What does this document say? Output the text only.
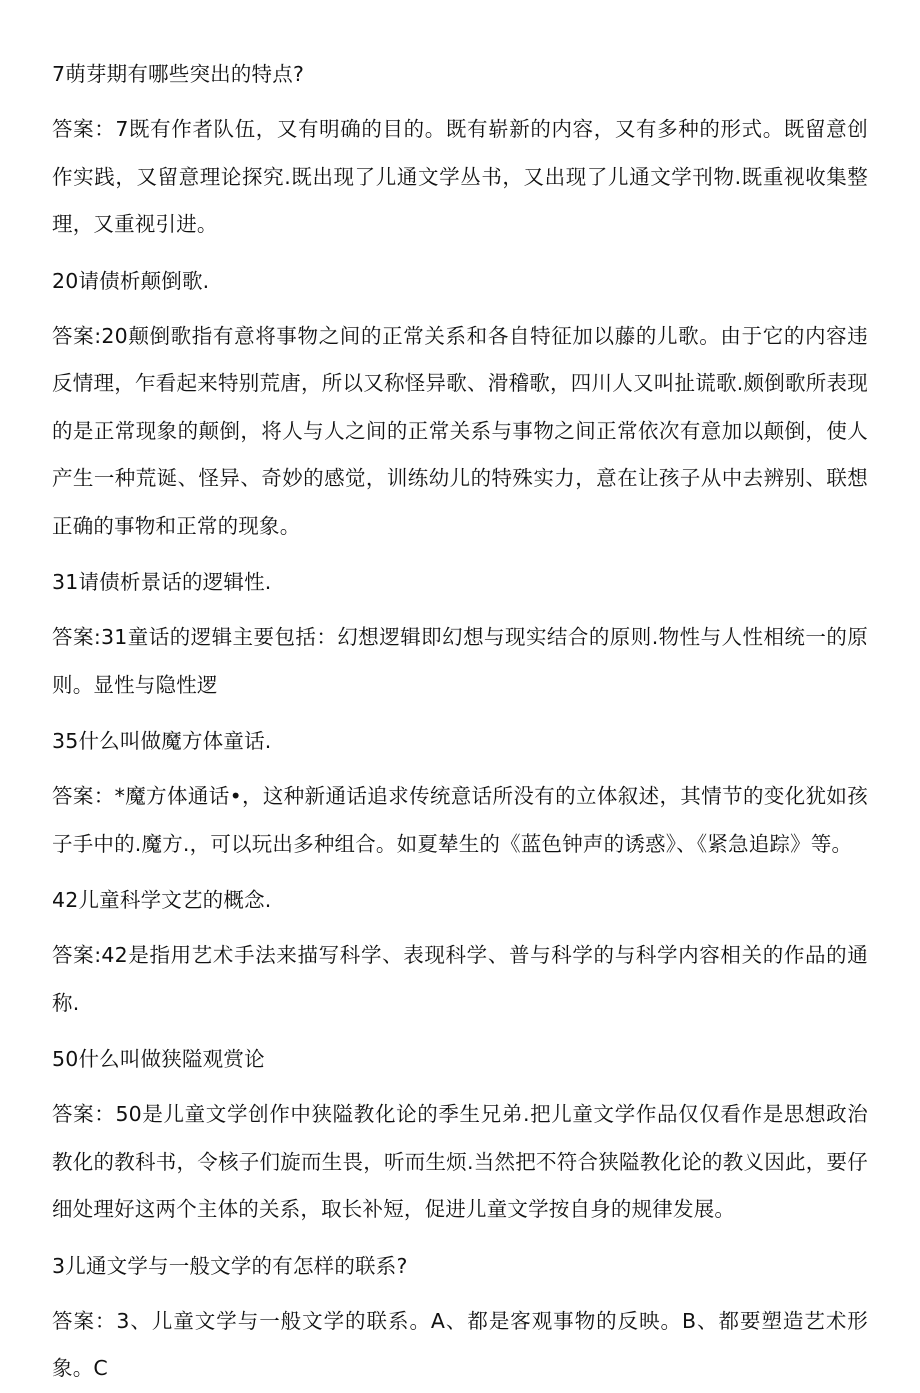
7萌芽期有哪些突出的特点?

答案：7既有作者队伍，又有明确的目的。既有崭新的内容，又有多种的形式。既留意创作实践，又留意理论探究.既出现了儿通文学丛书，又出现了儿通文学刊物.既重视收集整理，又重视引进。

20请债析颠倒歌.

答案:20颠倒歌指有意将事物之间的正常关系和各自特征加以藤的儿歌。由于它的内容违反情理，乍看起来特别荒唐，所以又称怪异歌、滑稽歌，四川人又叫扯谎歌.颇倒歌所表现的是正常现象的颠倒，将人与人之间的正常关系与事物之间正常依次有意加以颠倒，使人产生一种荒诞、怪异、奇妙的感觉，训练幼儿的特殊实力，意在让孩子从中去辨别、联想正确的事物和正常的现象。

31请债析景话的逻辑性.

答案:31童话的逻辑主要包括：幻想逻辑即幻想与现实结合的原则.物性与人性相统一的原则。显性与隐性逻

35什么叫做魔方体童话.

答案：*魔方体通话•，这种新通话追求传统意话所没有的立体叙述，其情节的变化犹如孩子手中的.魔方.，可以玩出多种组合。如夏辇生的《蓝色钟声的诱惑》、《紧急追踪》等。

42儿童科学文艺的概念.

答案:42是指用艺术手法来描写科学、表现科学、普与科学的与科学内容相关的作品的通称.

50什么叫做狭隘观赏论

答案：50是儿童文学创作中狭隘教化论的季生兄弟.把儿童文学作品仅仅看作是思想政治教化的教科书，令核子们旋而生畏，听而生烦.当然把不符合狭隘教化论的教义因此，要仔细处理好这两个主体的关系，取长补短，促进儿童文学按自身的规律发展。

3儿通文学与一般文学的有怎样的联系?

答案：3、儿童文学与一般文学的联系。A、都是客观事物的反映。B、都要塑造艺术形象。C
